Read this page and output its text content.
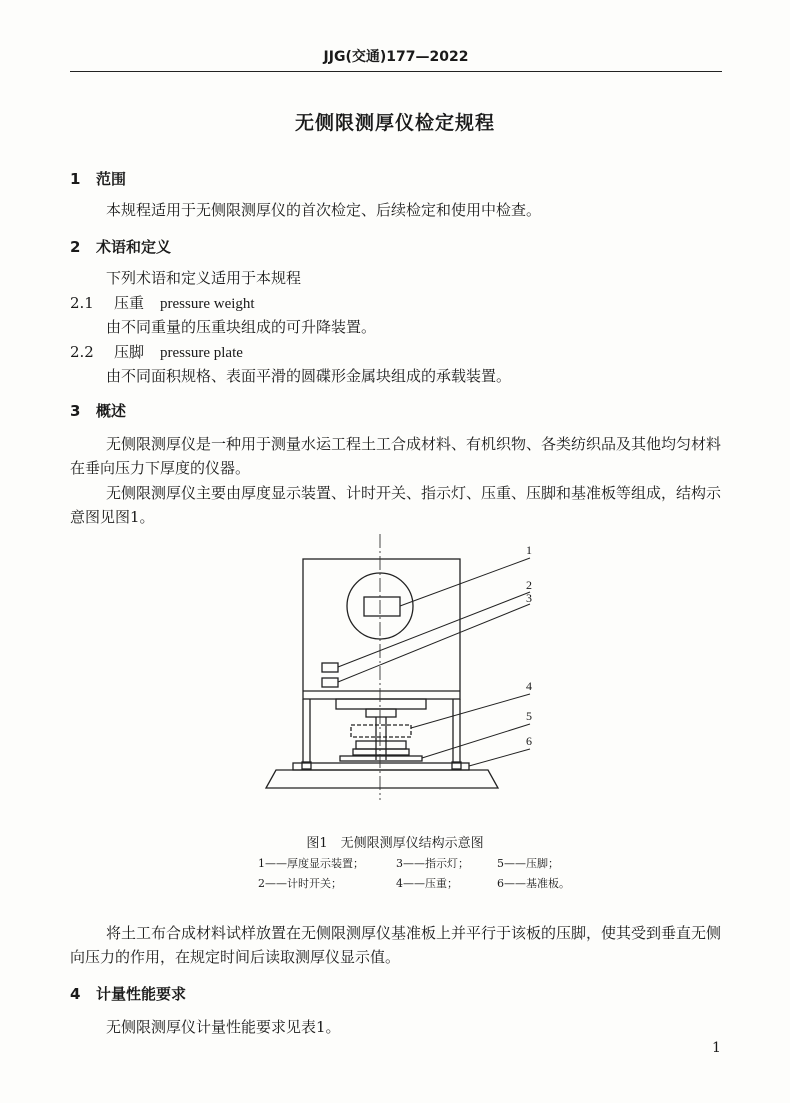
JJG(交通)177—2022
无侧限测厚仪检定规程
1 范围
本规程适用于无侧限测厚仪的首次检定、后续检定和使用中检查。
2 术语和定义
下列术语和定义适用于本规程
2.1 压重 pressure weight
由不同重量的压重块组成的可升降装置。
2.2 压脚 pressure plate
由不同面积规格、表面平滑的圆碟形金属块组成的承载装置。
3 概述
无侧限测厚仪是一种用于测量水运工程土工合成材料、有机织物、各类纺织品及其他均匀材料在垂向压力下厚度的仪器。
无侧限测厚仪主要由厚度显示装置、计时开关、指示灯、压重、压脚和基准板等组成，结构示意图见图1。
1
2
3
4
5
6
图1　无侧限测厚仪结构示意图
1——厚度显示装置；	3——指示灯；	5——压脚；
2——计时开关；	4——压重；	6——基准板。
将土工布合成材料试样放置在无侧限测厚仪基准板上并平行于该板的压脚，使其受到垂直无侧向压力的作用，在规定时间后读取测厚仪显示值。
4 计量性能要求
无侧限测厚仪计量性能要求见表1。
1
